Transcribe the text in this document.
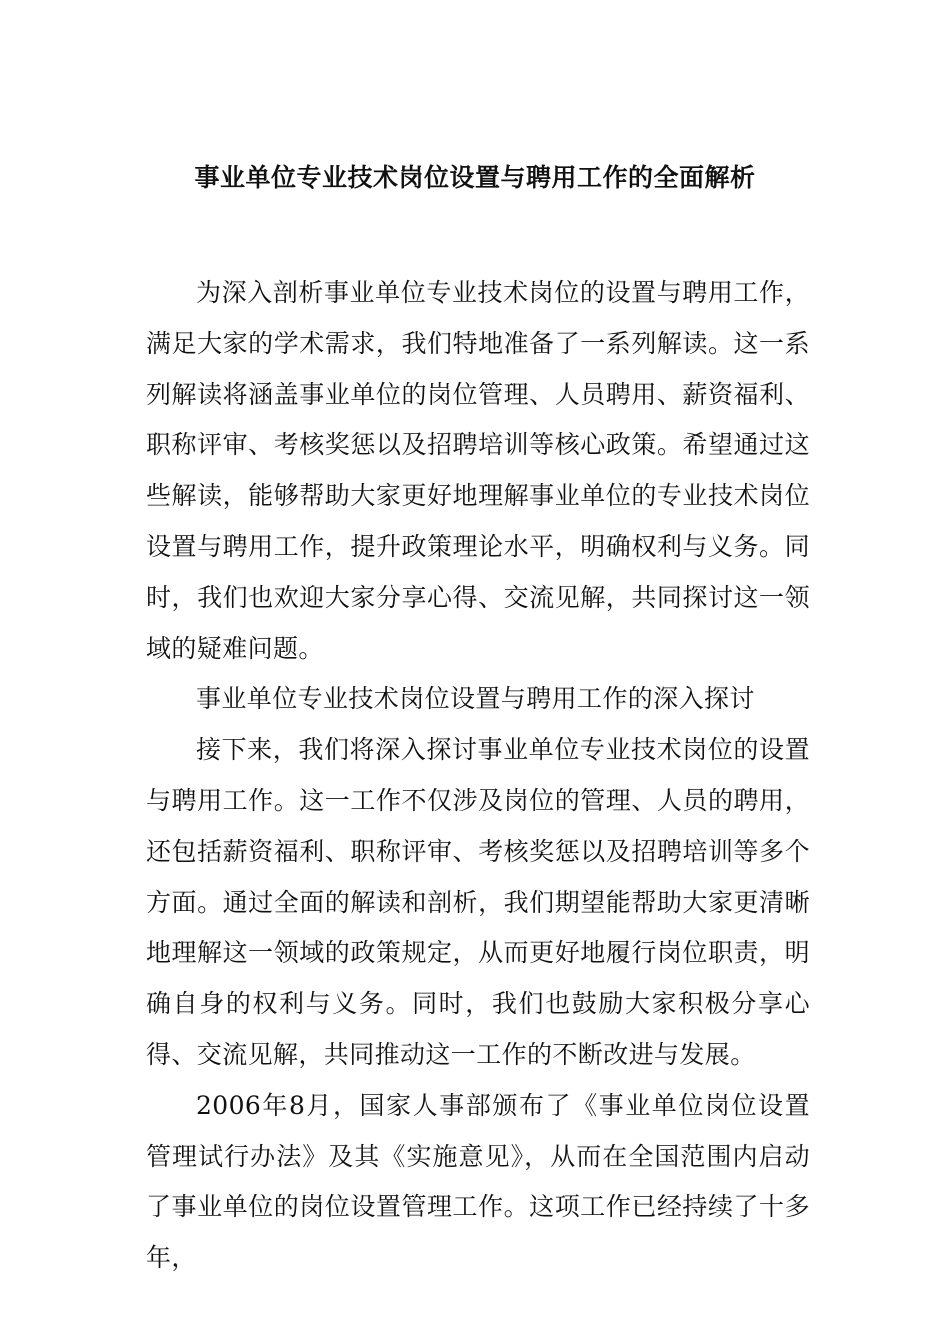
事业单位专业技术岗位设置与聘用工作的全面解析

为深入剖析事业单位专业技术岗位的设置与聘用工作，满足大家的学术需求，我们特地准备了一系列解读。这一系列解读将涵盖事业单位的岗位管理、人员聘用、薪资福利、职称评审、考核奖惩以及招聘培训等核心政策。希望通过这些解读，能够帮助大家更好地理解事业单位的专业技术岗位设置与聘用工作，提升政策理论水平，明确权利与义务。同时，我们也欢迎大家分享心得、交流见解，共同探讨这一领域的疑难问题。

事业单位专业技术岗位设置与聘用工作的深入探讨

接下来，我们将深入探讨事业单位专业技术岗位的设置与聘用工作。这一工作不仅涉及岗位的管理、人员的聘用，还包括薪资福利、职称评审、考核奖惩以及招聘培训等多个方面。通过全面的解读和剖析，我们期望能帮助大家更清晰地理解这一领域的政策规定，从而更好地履行岗位职责，明确自身的权利与义务。同时，我们也鼓励大家积极分享心得、交流见解，共同推动这一工作的不断改进与发展。

2006年8月，国家人事部颁布了《事业单位岗位设置管理试行办法》及其《实施意见》，从而在全国范围内启动了事业单位的岗位设置管理工作。这项工作已经持续了十多年，
